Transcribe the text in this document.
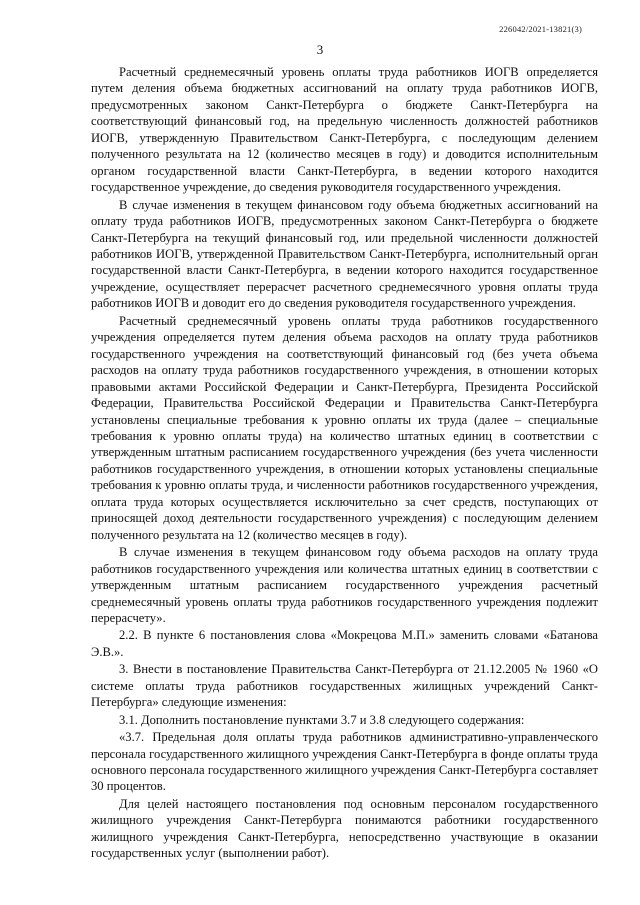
226042/2021-13821(3)
3

Расчетный среднемесячный уровень оплаты труда работников ИОГВ определяется путем деления объема бюджетных ассигнований на оплату труда работников ИОГВ, предусмотренных законом Санкт-Петербурга о бюджете Санкт-Петербурга на соответствующий финансовый год, на предельную численность должностей работников ИОГВ, утвержденную Правительством Санкт-Петербурга, с последующим делением полученного результата на 12 (количество месяцев в году) и доводится исполнительным органом государственной власти Санкт-Петербурга, в ведении которого находится государственное учреждение, до сведения руководителя государственного учреждения.

В случае изменения в текущем финансовом году объема бюджетных ассигнований на оплату труда работников ИОГВ, предусмотренных законом Санкт-Петербурга о бюджете Санкт-Петербурга на текущий финансовый год, или предельной численности должностей работников ИОГВ, утвержденной Правительством Санкт-Петербурга, исполнительный орган государственной власти Санкт-Петербурга, в ведении которого находится государственное учреждение, осуществляет перерасчет расчетного среднемесячного уровня оплаты труда работников ИОГВ и доводит его до сведения руководителя государственного учреждения.

Расчетный среднемесячный уровень оплаты труда работников государственного учреждения определяется путем деления объема расходов на оплату труда работников государственного учреждения на соответствующий финансовый год (без учета объема расходов на оплату труда работников государственного учреждения, в отношении которых правовыми актами Российской Федерации и Санкт-Петербурга, Президента Российской Федерации, Правительства Российской Федерации и Правительства Санкт-Петербурга установлены специальные требования к уровню оплаты их труда (далее – специальные требования к уровню оплаты труда) на количество штатных единиц в соответствии с утвержденным штатным расписанием государственного учреждения (без учета численности работников государственного учреждения, в отношении которых установлены специальные требования к уровню оплаты труда, и численности работников государственного учреждения, оплата труда которых осуществляется исключительно за счет средств, поступающих от приносящей доход деятельности государственного учреждения) с последующим делением полученного результата на 12 (количество месяцев в году).

В случае изменения в текущем финансовом году объема расходов на оплату труда работников государственного учреждения или количества штатных единиц в соответствии с утвержденным штатным расписанием государственного учреждения расчетный среднемесячный уровень оплаты труда работников государственного учреждения подлежит перерасчету».

2.2. В пункте 6 постановления слова «Мокрецова М.П.» заменить словами «Батанова Э.В.».

3. Внести в постановление Правительства Санкт-Петербурга от 21.12.2005 № 1960 «О системе оплаты труда работников государственных жилищных учреждений Санкт-Петербурга» следующие изменения:

3.1. Дополнить постановление пунктами 3.7 и 3.8 следующего содержания:

«3.7. Предельная доля оплаты труда работников административно-управленческого персонала государственного жилищного учреждения Санкт-Петербурга в фонде оплаты труда основного персонала государственного жилищного учреждения Санкт-Петербурга составляет 30 процентов.

Для целей настоящего постановления под основным персоналом государственного жилищного учреждения Санкт-Петербурга понимаются работники государственного жилищного учреждения Санкт-Петербурга, непосредственно участвующие в оказании государственных услуг (выполнении работ).
